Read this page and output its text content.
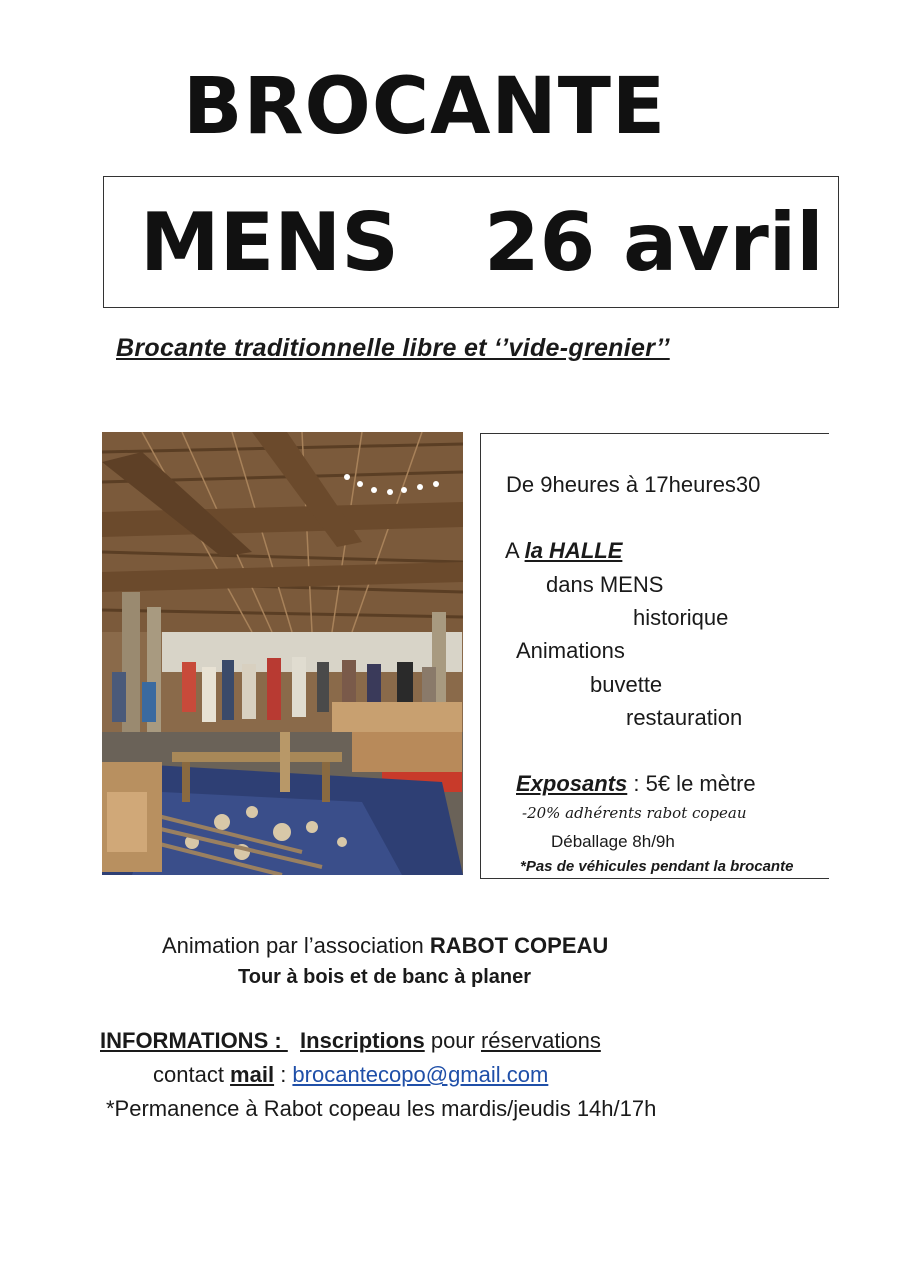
BROCANTE
MENS 26 avril
Brocante traditionnelle libre et ‘’vide-grenier’’
De 9heures à 17heures30
A la HALLE
dans MENS
historique
Animations
buvette
restauration
Exposants : 5€ le mètre
-20% adhérents rabot copeau
Déballage 8h/9h
*Pas de véhicules pendant la brocante
Animation par l’association RABOT COPEAU
Tour à bois et de banc à planer
INFORMATIONS :   Inscriptions pour réservations
contact mail : brocantecopo@gmail.com
*Permanence à Rabot copeau les mardis/jeudis 14h/17h
